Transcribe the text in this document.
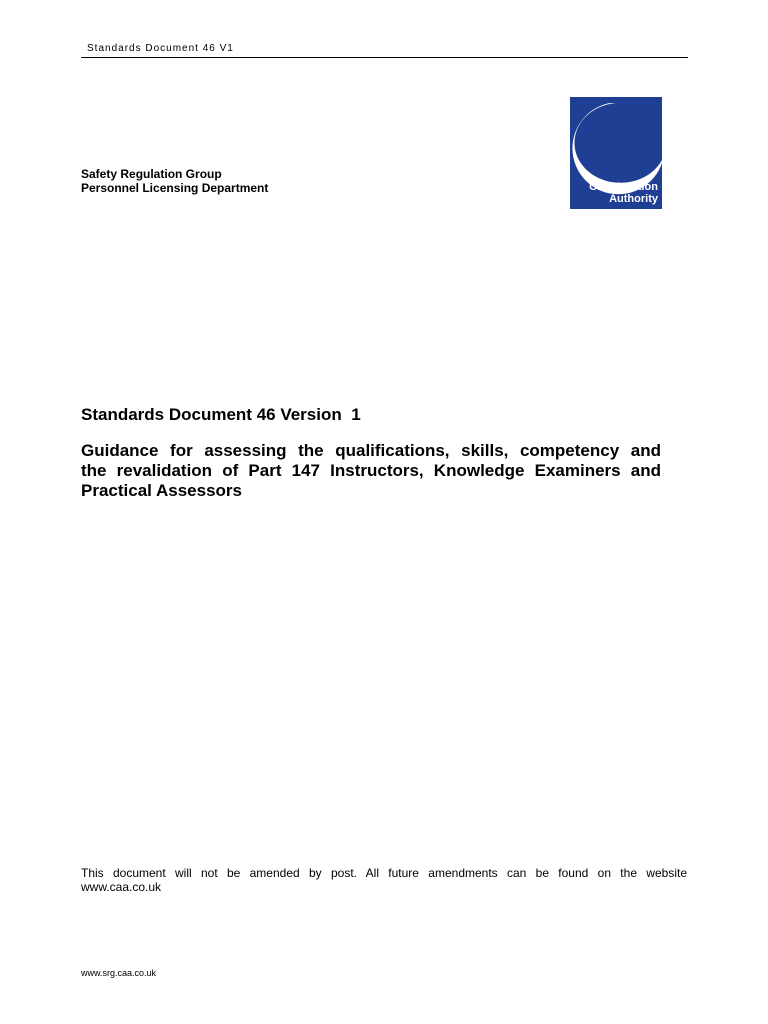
Standards Document 46 V1
Civil Aviation
Authority
Safety Regulation Group
Personnel Licensing Department
Standards Document 46 Version  1
Guidance for assessing the qualifications, skills, competency and
the revalidation of Part 147 Instructors, Knowledge Examiners and
Practical Assessors
This document will not be amended by post. All future amendments can be found on the website
www.caa.co.uk
www.srg.caa.co.uk
